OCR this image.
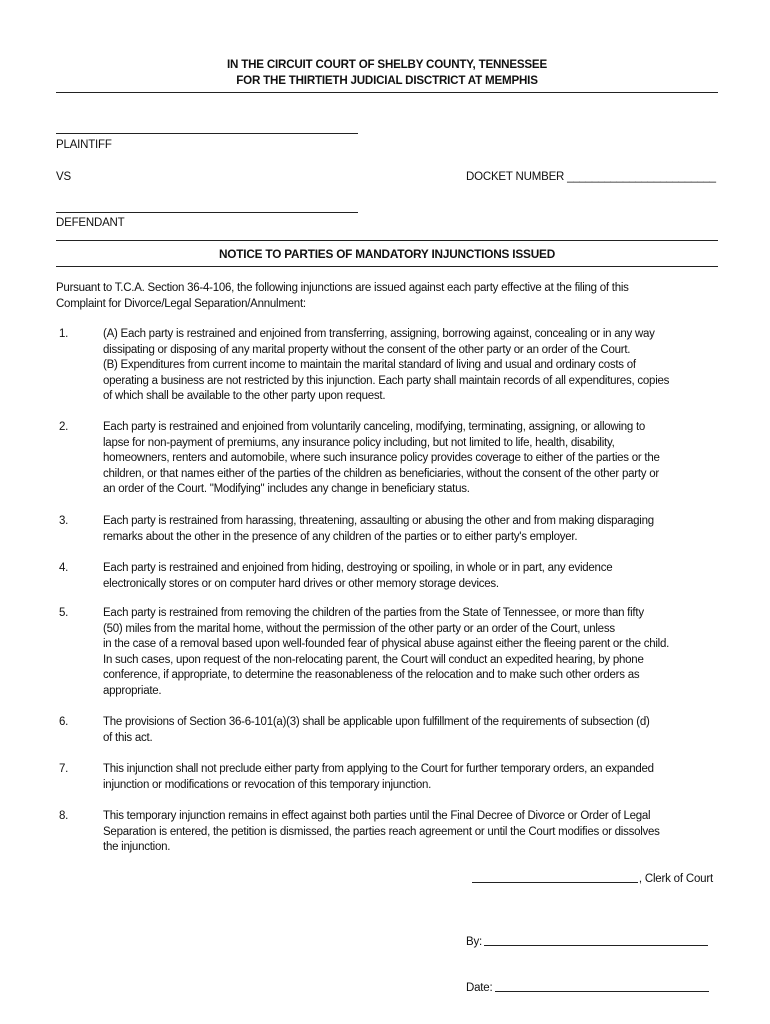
IN THE CIRCUIT COURT OF SHELBY COUNTY, TENNESSEE
FOR THE THIRTIETH JUDICIAL DISCTRICT AT MEMPHIS
PLAINTIFF
VS	DOCKET NUMBER ________________________
DEFENDANT
NOTICE TO PARTIES OF MANDATORY INJUNCTIONS ISSUED
Pursuant to T.C.A. Section 36-4-106, the following injunctions are issued against each party effective at the filing of this
Complaint for Divorce/Legal Separation/Annulment:
1.	(A) Each party is restrained and enjoined from transferring, assigning, borrowing against, concealing or in any way
dissipating or disposing of any marital property without the consent of the other party or an order of the Court.
(B) Expenditures from current income to maintain the marital standard of living and usual and ordinary costs of
operating a business are not restricted by this injunction. Each party shall maintain records of all expenditures, copies
of which shall be available to the other party upon request.
2.	Each party is restrained and enjoined from voluntarily canceling, modifying, terminating, assigning, or allowing to
lapse for non-payment of premiums, any insurance policy including, but not limited to life, health, disability,
homeowners, renters and automobile, where such insurance policy provides coverage to either of the parties or the
children, or that names either of the parties of the children as beneficiaries, without the consent of the other party or
an order of the Court. "Modifying" includes any change in beneficiary status.
3.	Each party is restrained from harassing, threatening, assaulting or abusing the other and from making disparaging
remarks about the other in the presence of any children of the parties or to either party's employer.
4.	Each party is restrained and enjoined from hiding, destroying or spoiling, in whole or in part, any evidence
electronically stores or on computer hard drives or other memory storage devices.
5.	Each party is restrained from removing the children of the parties from the State of Tennessee, or more than fifty
(50) miles from the marital home, without the permission of the other party or an order of the Court, unless
in the case of a removal based upon well-founded fear of physical abuse against either the fleeing parent or the child.
In such cases, upon request of the non-relocating parent, the Court will conduct an expedited hearing, by phone
conference, if appropriate, to determine the reasonableness of the relocation and to make such other orders as
appropriate.
6.	The provisions of Section 36-6-101(a)(3) shall be applicable upon fulfillment of the requirements of subsection (d)
of this act.
7.	This injunction shall not preclude either party from applying to the Court for further temporary orders, an expanded
injunction or modifications or revocation of this temporary injunction.
8.	This temporary injunction remains in effect against both parties until the Final Decree of Divorce or Order of Legal
Separation is entered, the petition is dismissed, the parties reach agreement or until the Court modifies or dissolves
the injunction.
, Clerk of Court
By:
Date:
